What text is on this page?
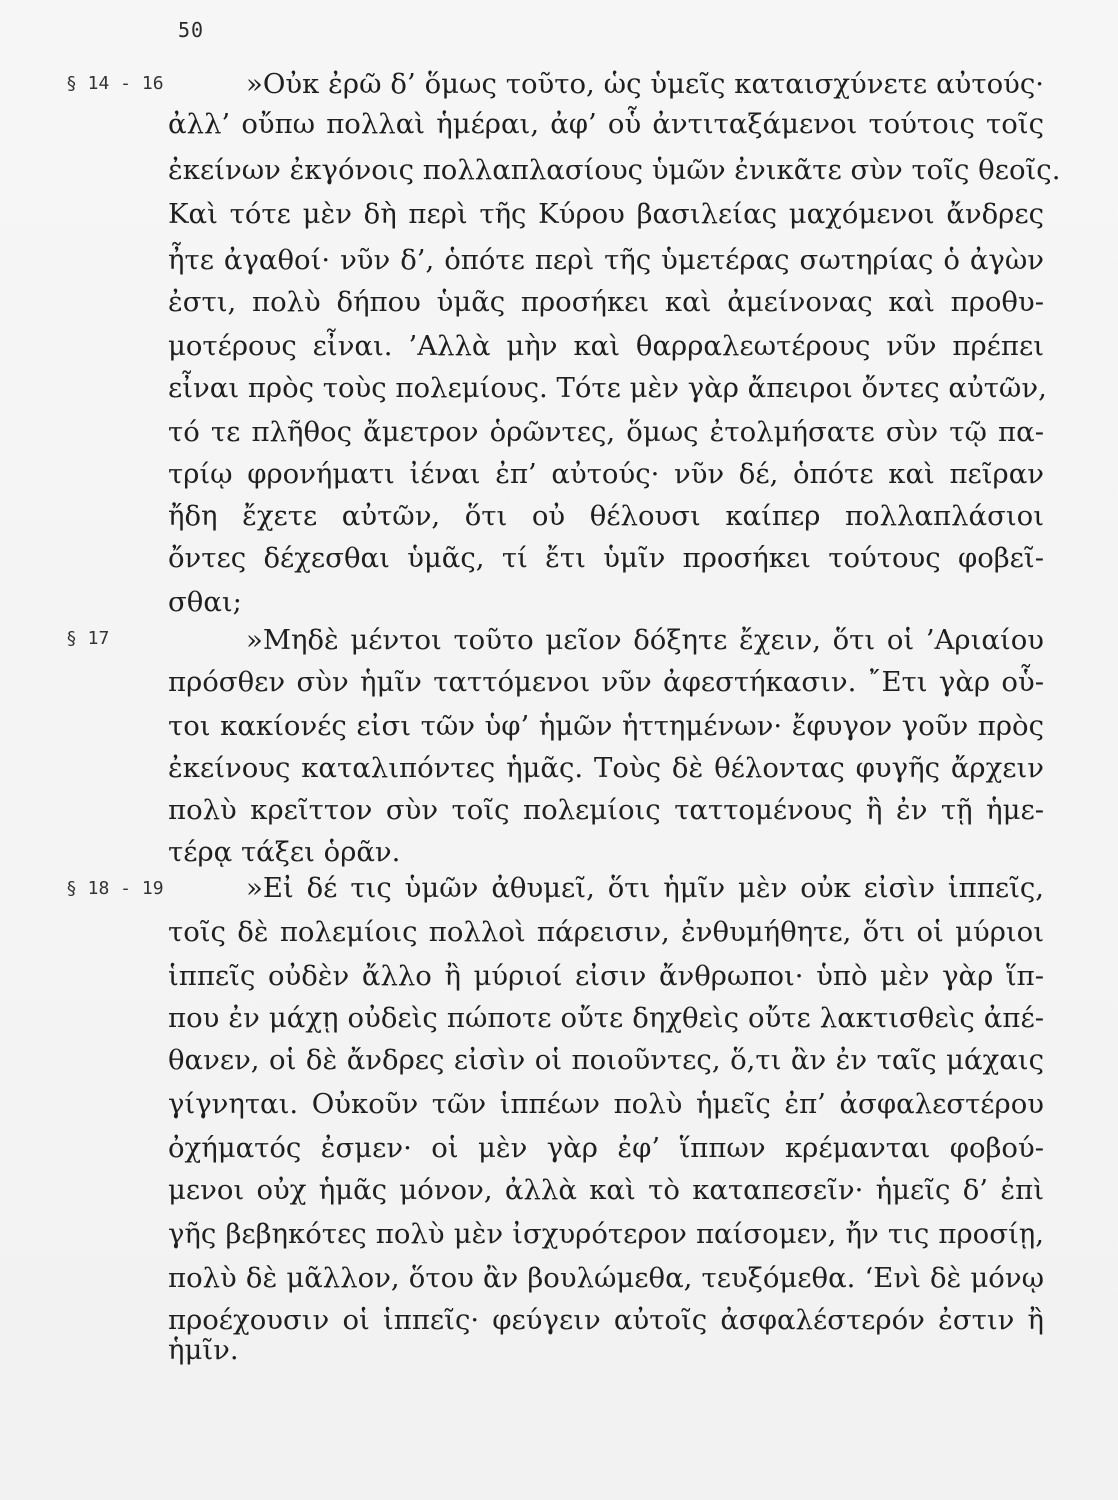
50
§ 14 - 16	»Οὐκ ἐρῶ δ’ ὅμως τοῦτο, ὡς ὑμεῖς καταισχύνετε αὐτούς·
ἀλλ’ οὔπω πολλαὶ ἡμέραι, ἀφ’ οὗ ἀντιταξάμενοι τούτοις τοῖς
ἐκείνων ἐκγόνοις πολλαπλασίους ὑμῶν ἐνικᾶτε σὺν τοῖς θεοῖς.
Καὶ τότε μὲν δὴ περὶ τῆς Κύρου βασιλείας μαχόμενοι ἄνδρες
ἦτε ἀγαθοί· νῦν δ’, ὁπότε περὶ τῆς ὑμετέρας σωτηρίας ὁ ἀγὼν
ἐστι, πολὺ δήπου ὑμᾶς προσήκει καὶ ἀμείνονας καὶ προθυ-
μοτέρους εἶναι. ’Αλλὰ μὴν καὶ θαρραλεωτέρους νῦν πρέπει
εἶναι πρὸς τοὺς πολεμίους. Τότε μὲν γὰρ ἄπειροι ὄντες αὐτῶν,
τό τε πλῆθος ἄμετρον ὁρῶντες, ὅμως ἐτολμήσατε σὺν τῷ πα-
τρίῳ φρονήματι ἰέναι ἐπ’ αὐτούς· νῦν δέ, ὁπότε καὶ πεῖραν
ἤδη ἔχετε αὐτῶν, ὅτι οὐ θέλουσι καίπερ πολλαπλάσιοι
ὄντες δέχεσθαι ὑμᾶς, τί ἔτι ὑμῖν προσήκει τούτους φοβεῖ-
σθαι;
§ 17	»Μηδὲ μέντοι τοῦτο μεῖον δόξητε ἔχειν, ὅτι οἱ ’Αριαίου
πρόσθεν σὺν ἡμῖν ταττόμενοι νῦν ἀφεστήκασιν. ῎Ετι γὰρ οὗ-
τοι κακίονές εἰσι τῶν ὑφ’ ἡμῶν ἡττημένων· ἔφυγον γοῦν πρὸς
ἐκείνους καταλιπόντες ἡμᾶς. Τοὺς δὲ θέλοντας φυγῆς ἄρχειν
πολὺ κρεῖττον σὺν τοῖς πολεμίοις ταττομένους ἢ ἐν τῇ ἡμε-
τέρᾳ τάξει ὁρᾶν.
§ 18 - 19	»Εἰ δέ τις ὑμῶν ἀθυμεῖ, ὅτι ἡμῖν μὲν οὐκ εἰσὶν ἱππεῖς,
τοῖς δὲ πολεμίοις πολλοὶ πάρεισιν, ἐνθυμήθητε, ὅτι οἱ μύριοι
ἱππεῖς οὐδὲν ἄλλο ἢ μύριοί εἰσιν ἄνθρωποι· ὑπὸ μὲν γὰρ ἵπ-
που ἐν μάχῃ οὐδεὶς πώποτε οὔτε δηχθεὶς οὔτε λακτισθεὶς ἀπέ-
θανεν, οἱ δὲ ἄνδρες εἰσὶν οἱ ποιοῦντες, ὅ,τι ἂν ἐν ταῖς μάχαις
γίγνηται. Οὐκοῦν τῶν ἱππέων πολὺ ἡμεῖς ἐπ’ ἀσφαλεστέρου
ὀχήματός ἐσμεν· οἱ μὲν γὰρ ἐφ’ ἵππων κρέμανται φοβού-
μενοι οὐχ ἡμᾶς μόνον, ἀλλὰ καὶ τὸ καταπεσεῖν· ἡμεῖς δ’ ἐπὶ
γῆς βεβηκότες πολὺ μὲν ἰσχυρότερον παίσομεν, ἤν τις προσίῃ,
πολὺ δὲ μᾶλλον, ὅτου ἂν βουλώμεθα, τευξόμεθα. ‘Ενὶ δὲ μόνῳ
προέχουσιν οἱ ἱππεῖς· φεύγειν αὐτοῖς ἀσφαλέστερόν ἐστιν ἢ
ἡμῖν.
